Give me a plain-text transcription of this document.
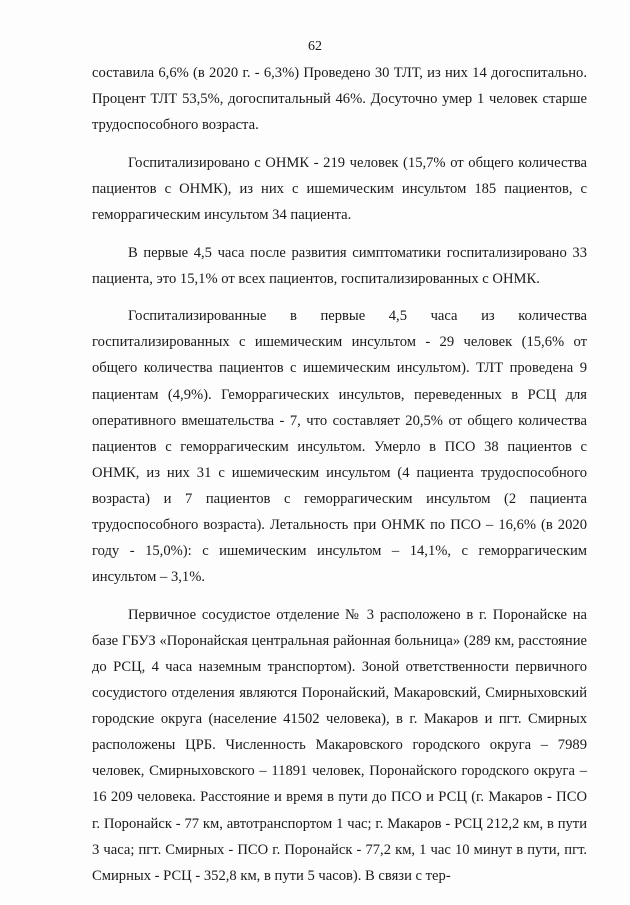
62

составила 6,6% (в 2020 г. - 6,3%) Проведено 30 ТЛТ, из них 14 догоспитально. Процент ТЛТ 53,5%, догоспитальный 46%. Досуточно умер 1 человек старше трудоспособного возраста.

Госпитализировано с ОНМК - 219 человек (15,7% от общего количества пациентов с ОНМК), из них с ишемическим инсультом 185 пациентов, с геморрагическим инсультом 34 пациента.

В первые 4,5 часа после развития симптоматики госпитализировано 33 пациента, это 15,1% от всех пациентов, госпитализированных с ОНМК.

Госпитализированные в первые 4,5 часа из количества госпитализированных с ишемическим инсультом - 29 человек (15,6% от общего количества пациентов с ишемическим инсультом). ТЛТ проведена 9 пациентам (4,9%). Геморрагических инсультов, переведенных в РСЦ для оперативного вмешательства - 7, что составляет 20,5% от общего количества пациентов с геморрагическим инсультом. Умерло в ПСО 38 пациентов с ОНМК, из них 31 с ишемическим инсультом (4 пациента трудоспособного возраста) и 7 пациентов с геморрагическим инсультом (2 пациента трудоспособного возраста). Летальность при ОНМК по ПСО – 16,6% (в 2020 году - 15,0%): с ишемическим инсультом – 14,1%, с геморрагическим инсультом – 3,1%.

Первичное сосудистое отделение № 3 расположено в г. Поронайске на базе ГБУЗ «Поронайская центральная районная больница» (289 км, расстояние до РСЦ, 4 часа наземным транспортом). Зоной ответственности первичного сосудистого отделения являются Поронайский, Макаровский, Смирныховский городские округа (население 41502 человека), в г. Макаров и пгт. Смирных расположены ЦРБ. Численность Макаровского городского округа – 7989 человек, Смирныховского – 11891 человек, Поронайского городского округа –16 209 человека. Расстояние и время в пути до ПСО и РСЦ (г. Макаров - ПСО г. Поронайск - 77 км, автотранспортом 1 час; г. Макаров - РСЦ 212,2 км, в пути 3 часа; пгт. Смирных - ПСО г. Поронайск - 77,2 км, 1 час 10 минут в пути, пгт. Смирных - РСЦ - 352,8 км, в пути 5 часов). В связи с тер-
